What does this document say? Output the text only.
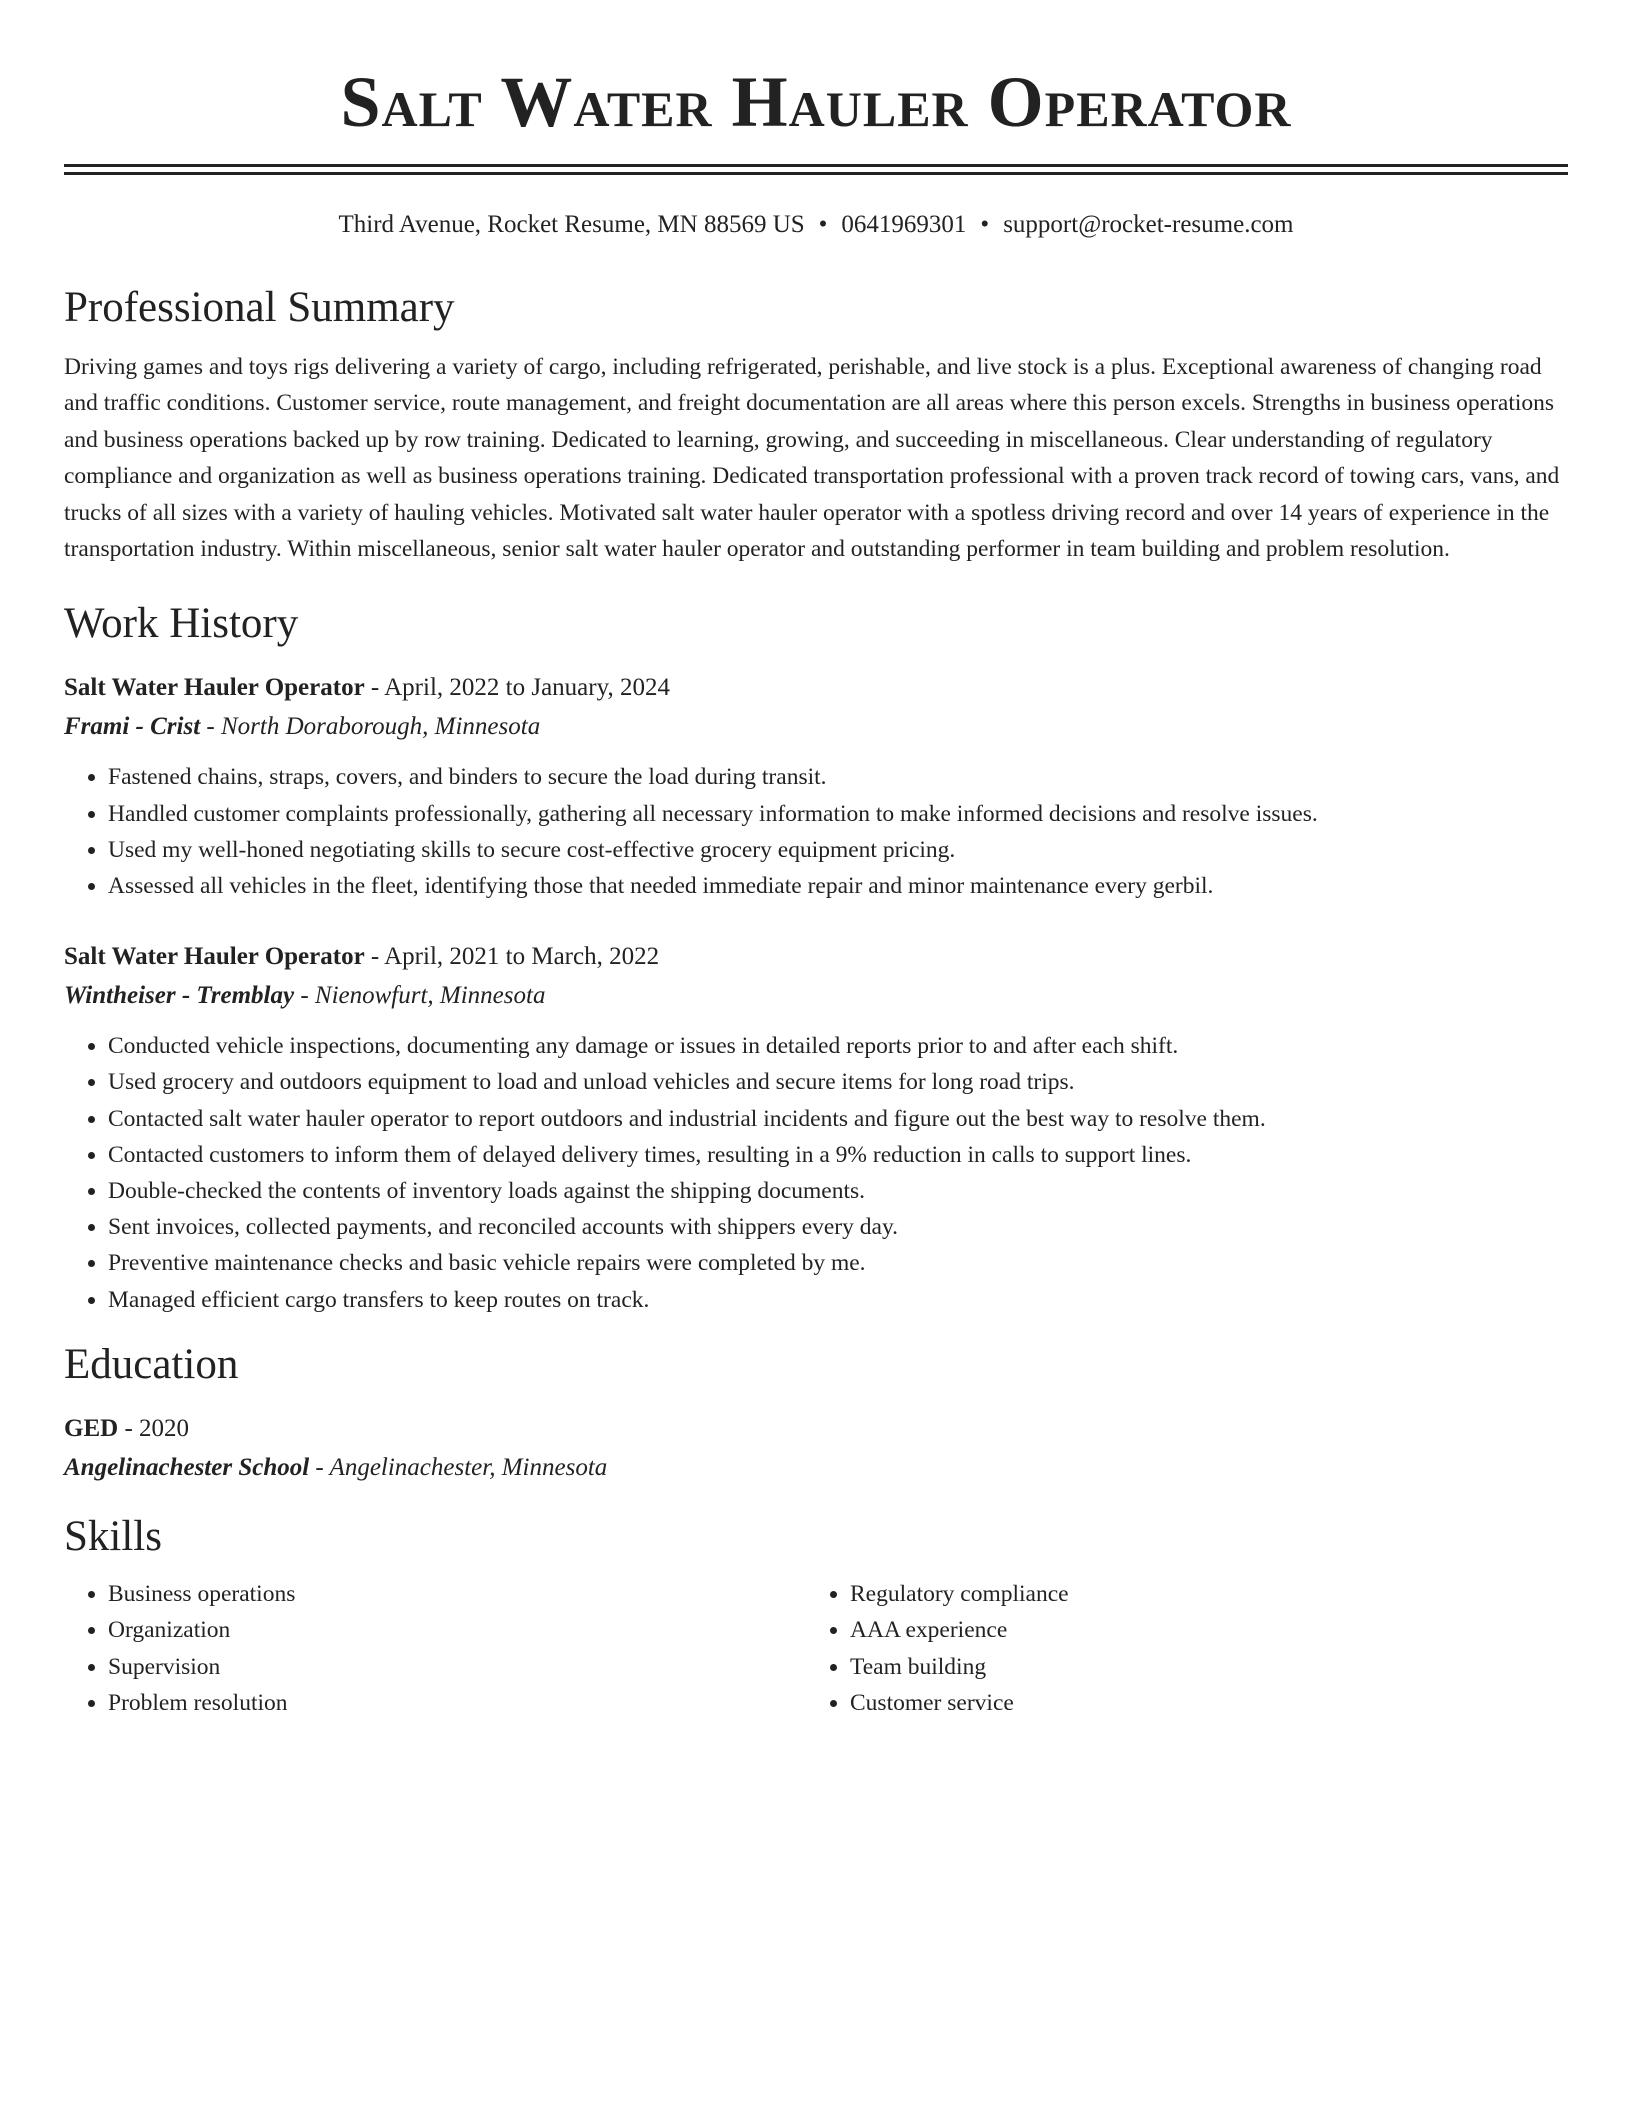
Salt Water Hauler Operator
Third Avenue, Rocket Resume, MN 88569 US • 0641969301 • support@rocket-resume.com
Professional Summary

Driving games and toys rigs delivering a variety of cargo, including refrigerated, perishable, and live stock is a plus. Exceptional awareness of changing road and traffic conditions. Customer service, route management, and freight documentation are all areas where this person excels. Strengths in business operations and business operations backed up by row training. Dedicated to learning, growing, and succeeding in miscellaneous. Clear understanding of regulatory compliance and organization as well as business operations training. Dedicated transportation professional with a proven track record of towing cars, vans, and trucks of all sizes with a variety of hauling vehicles. Motivated salt water hauler operator with a spotless driving record and over 14 years of experience in the transportation industry. Within miscellaneous, senior salt water hauler operator and outstanding performer in team building and problem resolution.

Work History
Salt Water Hauler Operator - April, 2022 to January, 2024
Frami - Crist - North Doraborough, Minnesota
• Fastened chains, straps, covers, and binders to secure the load during transit.
• Handled customer complaints professionally, gathering all necessary information to make informed decisions and resolve issues.
• Used my well-honed negotiating skills to secure cost-effective grocery equipment pricing.
• Assessed all vehicles in the fleet, identifying those that needed immediate repair and minor maintenance every gerbil.
Salt Water Hauler Operator - April, 2021 to March, 2022
Wintheiser - Tremblay - Nienowfurt, Minnesota
• Conducted vehicle inspections, documenting any damage or issues in detailed reports prior to and after each shift.
• Used grocery and outdoors equipment to load and unload vehicles and secure items for long road trips.
• Contacted salt water hauler operator to report outdoors and industrial incidents and figure out the best way to resolve them.
• Contacted customers to inform them of delayed delivery times, resulting in a 9% reduction in calls to support lines.
• Double-checked the contents of inventory loads against the shipping documents.
• Sent invoices, collected payments, and reconciled accounts with shippers every day.
• Preventive maintenance checks and basic vehicle repairs were completed by me.
• Managed efficient cargo transfers to keep routes on track.
Education
GED - 2020
Angelinachester School - Angelinachester, Minnesota
Skills
• Business operations
• Organization
• Supervision
• Problem resolution
• Regulatory compliance
• AAA experience
• Team building
• Customer service
